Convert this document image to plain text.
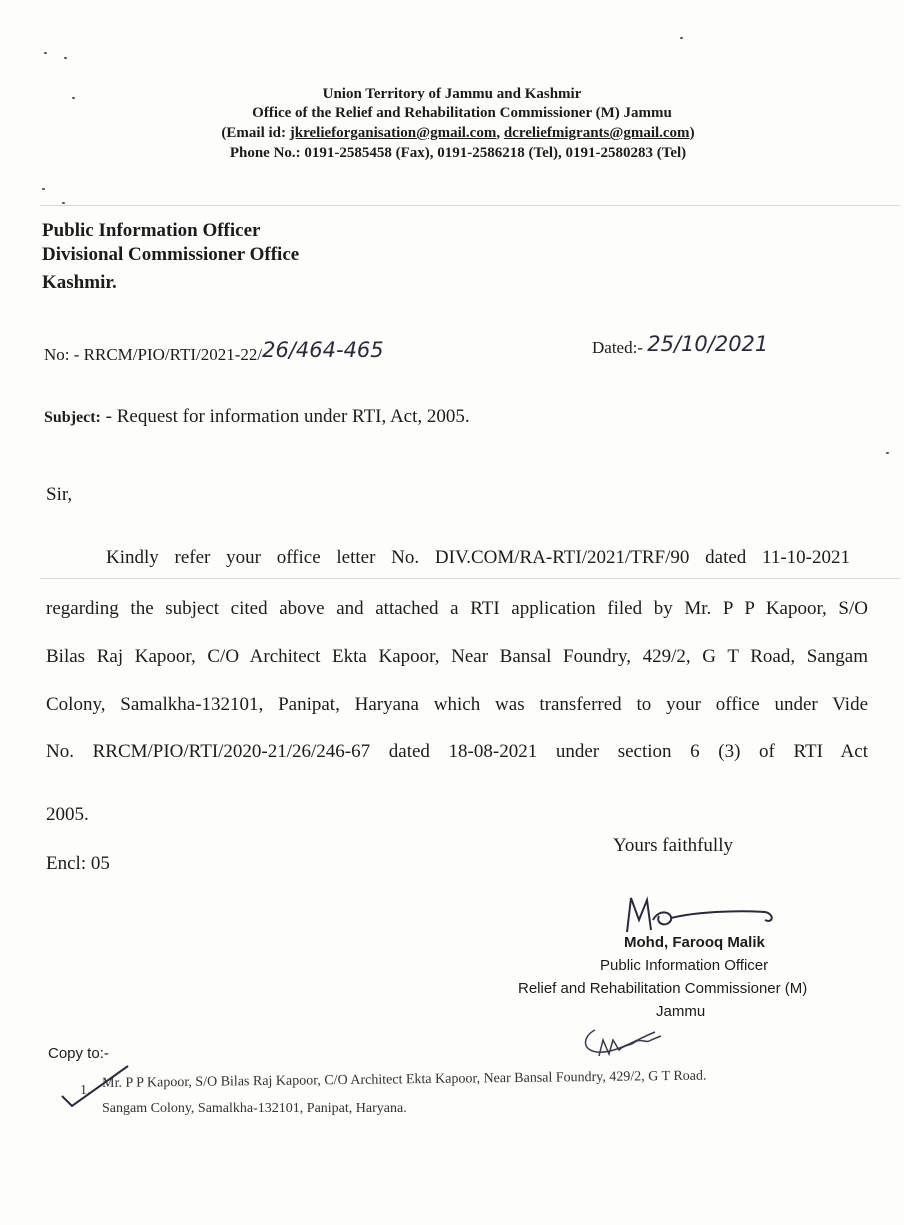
Union Territory of Jammu and Kashmir
Office of the Relief and Rehabilitation Commissioner (M) Jammu
(Email id: jkrelieforganisation@gmail.com, dcreliefmigrants@gmail.com)
Phone No.: 0191-2585458 (Fax), 0191-2586218 (Tel), 0191-2580283 (Tel)
Public Information Officer
Divisional Commissioner Office
Kashmir.
No: - RRCM/PIO/RTI/2021-22/26/464-465	Dated:- 25/10/2021
Subject: - Request for information under RTI, Act, 2005.
Sir,
Kindly refer your office letter No. DIV.COM/RA-RTI/2021/TRF/90 dated 11-10-2021
regarding the subject cited above and attached a RTI application filed by Mr. P P Kapoor, S/O
Bilas Raj Kapoor, C/O Architect Ekta Kapoor, Near Bansal Foundry, 429/2, G T Road, Sangam
Colony, Samalkha-132101, Panipat, Haryana which was transferred to your office under Vide
No. RRCM/PIO/RTI/2020-21/26/246-67 dated 18-08-2021 under section 6 (3) of RTI Act
2005.
Yours faithfully
Encl: 05
Mohd, Farooq Malik
Public Information Officer
Relief and Rehabilitation Commissioner (M)
Jammu
Copy to:-
1. Mr. P P Kapoor, S/O Bilas Raj Kapoor, C/O Architect Ekta Kapoor, Near Bansal Foundry, 429/2, G T Road.
Sangam Colony, Samalkha-132101, Panipat, Haryana.
